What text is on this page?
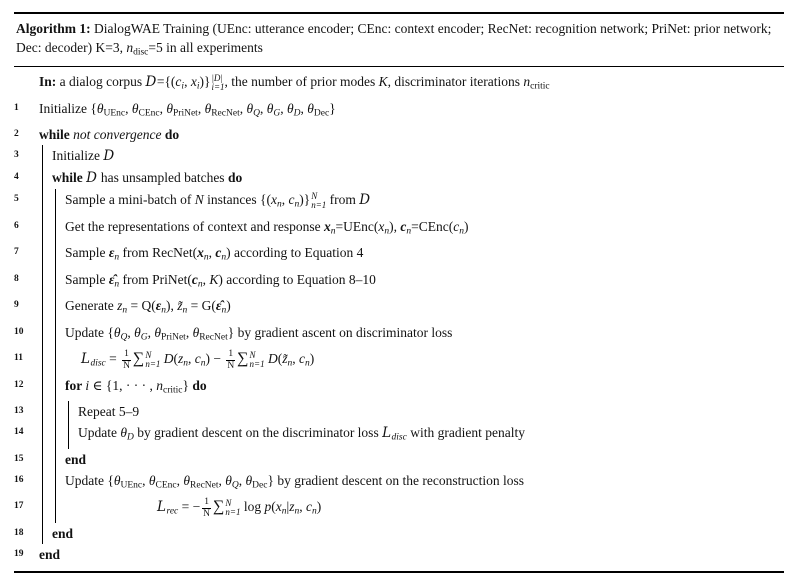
Algorithm 1: DialogWAE Training (UEnc: utterance encoder; CEnc: context encoder; RecNet: recognition network; PriNet: prior network; Dec: decoder) K=3, ndisc=5 in all experiments
In: a dialog corpus D={(ci, xi)} |D|
i=1 , the number of prior modes K, discriminator iterations ncritic
1	Initialize {θUEnc, θCEnc, θPriNet, θRecNet, θQ, θG, θD, θDec}
2	while not convergence do
3	Initialize D
4	while D has unsampled batches do
5	Sample a mini-batch of N instances {(xn, cn)} N
n=1 from D
6	Get the representations of context and response xn=UEnc(xn), cn=CEnc(cn)
7	Sample εn from RecNet(xn, cn) according to Equation 4
8	Sample ε̂n from PriNet(cn, K) according to Equation 8–10
9	Generate zn = Q(εn), z̃n = G(ε̂n)
10	Update {θQ, θG, θPriNet, θRecNet} by gradient ascent on discriminator loss
11	Ldisc = $\frac{1}{N}$ ∑ N
n=1 D(zn, $cn) - \frac{1}{N}$ ∑ N
n=1 D(z̃n, cn)
12	for i ∈ {1, · · · , ncritic} do
13	Repeat 5–9
14	Update θD by gradient descent on the discriminator loss Ldisc with gradient penalty
15	end
16	Update {θUEnc, θCEnc, θRecNet, θQ, θDec} by gradient descent on the reconstruction loss
17	Lrec = − $\frac{1}{N}$ ∑ N
n=1 log p(xn|zn, cn)
18	end
19	end
